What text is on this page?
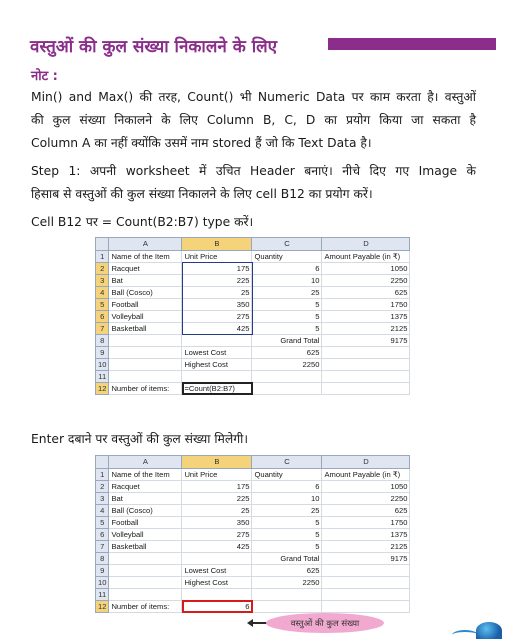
वस्तुओं की कुल संख्या निकालने के लिए
नोट :
Min() and Max() की तरह, Count() भी Numeric Data पर काम करता है। वस्तुओं
की कुल संख्या निकालने के लिए Column B, C, D का प्रयोग किया जा सकता है
Column A का नहीं क्योंकि उसमें नाम stored हैं जो कि Text Data है।
Step 1: अपनी worksheet में उचित Header बनाएं। नीचे दिए गए Image के
हिसाब से वस्तुओं की कुल संख्या निकालने के लिए cell B12 का प्रयोग करें।
Cell B12 पर = Count(B2:B7) type करें।
	A	B	C	D
1	Name of the Item	Unit Price	Quantity	Amount Payable (in ₹)
2	Racquet	175	6	1050
3	Bat	225	10	2250
4	Ball (Cosco)	25	25	625
5	Football	350	5	1750
6	Volleyball	275	5	1375
7	Basketball	425	5	2125
8			Grand Total	9175
9		Lowest Cost	625	
10		Highest Cost	2250	
11				
12	Number of items:	=Count(B2:B7)		
Enter दबाने पर वस्तुओं की कुल संख्या मिलेगी।
	A	B	C	D
1	Name of the Item	Unit Price	Quantity	Amount Payable (in ₹)
2	Racquet	175	6	1050
3	Bat	225	10	2250
4	Ball (Cosco)	25	25	625
5	Football	350	5	1750
6	Volleyball	275	5	1375
7	Basketball	425	5	2125
8			Grand Total	9175
9		Lowest Cost	625	
10		Highest Cost	2250	
11				
12	Number of items:	6		
वस्तुओं की कुल संख्या
